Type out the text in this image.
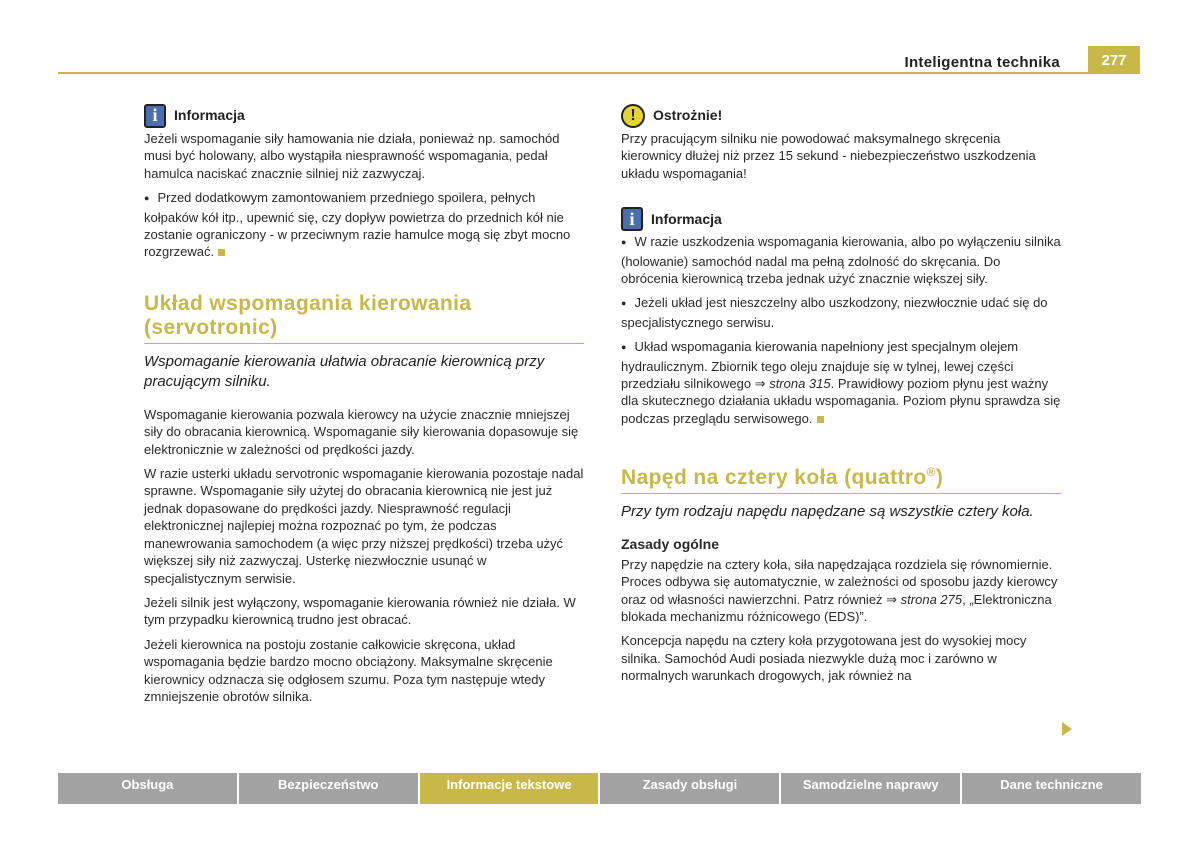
Inteligentna technika	277
i	Informacja

Jeżeli wspomaganie siły hamowania nie działa, ponieważ np. samochód musi być holowany, albo wystąpiła niesprawność wspomagania, pedał hamulca naciskać znacznie silniej niż zazwyczaj.

● Przed dodatkowym zamontowaniem przedniego spoilera, pełnych kołpaków kół itp., upewnić się, czy dopływ powietrza do przednich kół nie zostanie ograniczony - w przeciwnym razie hamulce mogą się zbyt mocno rozgrzewać.

Układ wspomagania kierowania (servotronic)
Wspomaganie kierowania ułatwia obracanie kierownicą przy pracującym silniku.

Wspomaganie kierowania pozwala kierowcy na użycie znacznie mniejszej siły do obracania kierownicą. Wspomaganie siły kierowania dopasowuje się elektronicznie w zależności od prędkości jazdy.

W razie usterki układu servotronic wspomaganie kierowania pozostaje nadal sprawne. Wspomaganie siły użytej do obracania kierownicą nie jest już jednak dopasowane do prędkości jazdy. Niesprawność regulacji elektronicznej najlepiej można rozpoznać po tym, że podczas manewrowania samochodem (a więc przy niższej prędkości) trzeba użyć większej siły niż zazwyczaj. Usterkę niezwłocznie usunąć w specjalistycznym serwisie.

Jeżeli silnik jest wyłączony, wspomaganie kierowania również nie działa. W tym przypadku kierownicą trudno jest obracać.

Jeżeli kierownica na postoju zostanie całkowicie skręcona, układ wspomagania będzie bardzo mocno obciążony. Maksymalne skręcenie kierownicy odznacza się odgłosem szumu. Poza tym następuje wtedy zmniejszenie obrotów silnika.

!	Ostrożnie!

Przy pracującym silniku nie powodować maksymalnego skręcenia kierownicy dłużej niż przez 15 sekund - niebezpieczeństwo uszkodzenia układu wspomagania!

i	Informacja

● W razie uszkodzenia wspomagania kierowania, albo po wyłączeniu silnika (holowanie) samochód nadal ma pełną zdolność do skręcania. Do obrócenia kierownicą trzeba jednak użyć znacznie większej siły.

● Jeżeli układ jest nieszczelny albo uszkodzony, niezwłocznie udać się do specjalistycznego serwisu.

● Układ wspomagania kierowania napełniony jest specjalnym olejem hydraulicznym. Zbiornik tego oleju znajduje się w tylnej, lewej części przedziału silnikowego ⇒ strona 315. Prawidłowy poziom płynu jest ważny dla skutecznego działania układu wspomagania. Poziom płynu sprawdza się podczas przeglądu serwisowego.

Napęd na cztery koła (quattro®)
Przy tym rodzaju napędu napędzane są wszystkie cztery koła.
Zasady ogólne

Przy napędzie na cztery koła, siła napędzająca rozdziela się równomiernie. Proces odbywa się automatycznie, w zależności od sposobu jazdy kierowcy oraz od własności nawierzchni. Patrz również ⇒ strona 275, „Elektroniczna blokada mechanizmu różnicowego (EDS)”.

Koncepcja napędu na cztery koła przygotowana jest do wysokiej mocy silnika. Samochód Audi posiada niezwykle dużą moc i zarówno w normalnych warunkach drogowych, jak również na

Obsługa	Bezpieczeństwo	Informacje tekstowe	Zasady obsługi	Samodzielne naprawy	Dane techniczne
